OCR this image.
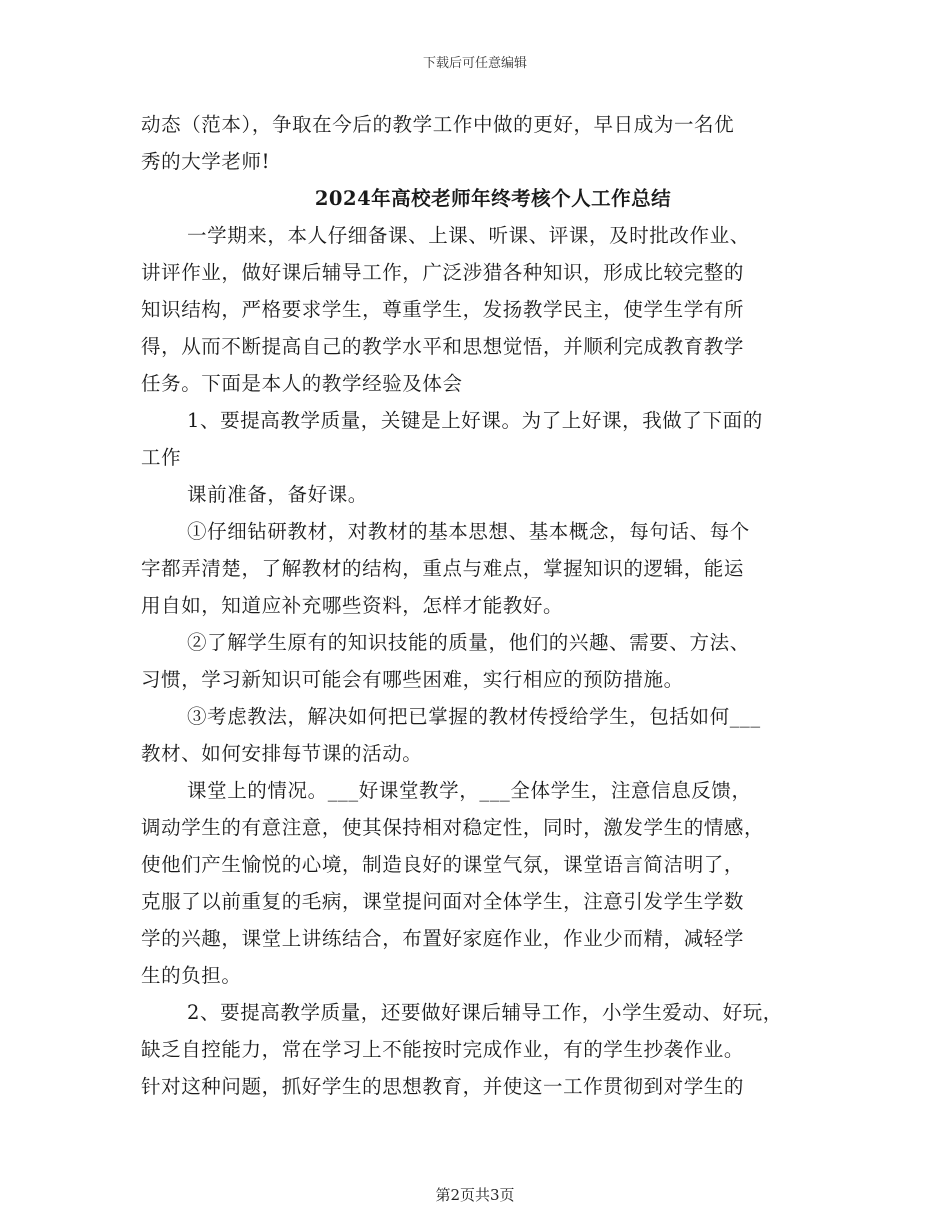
下载后可任意编辑
动态（范本），争取在今后的教学工作中做的更好，早日成为一名优
秀的大学老师!
2024年高校老师年终考核个人工作总结
一学期来，本人仔细备课、上课、听课、评课，及时批改作业、
讲评作业，做好课后辅导工作，广泛涉猎各种知识，形成比较完整的
知识结构，严格要求学生，尊重学生，发扬教学民主，使学生学有所
得，从而不断提高自己的教学水平和思想觉悟，并顺利完成教育教学
任务。下面是本人的教学经验及体会
1、要提高教学质量，关键是上好课。为了上好课，我做了下面的
工作
课前准备，备好课。
①仔细钻研教材，对教材的基本思想、基本概念，每句话、每个
字都弄清楚，了解教材的结构，重点与难点，掌握知识的逻辑，能运
用自如，知道应补充哪些资料，怎样才能教好。
②了解学生原有的知识技能的质量，他们的兴趣、需要、方法、
习惯，学习新知识可能会有哪些困难，实行相应的预防措施。
③考虑教法，解决如何把已掌握的教材传授给学生，包括如何___
教材、如何安排每节课的活动。
课堂上的情况。___好课堂教学，___全体学生，注意信息反馈，
调动学生的有意注意，使其保持相对稳定性，同时，激发学生的情感，
使他们产生愉悦的心境，制造良好的课堂气氛，课堂语言简洁明了，
克服了以前重复的毛病，课堂提问面对全体学生，注意引发学生学数
学的兴趣，课堂上讲练结合，布置好家庭作业，作业少而精，减轻学
生的负担。
2、要提高教学质量，还要做好课后辅导工作，小学生爱动、好玩，
缺乏自控能力，常在学习上不能按时完成作业，有的学生抄袭作业。
针对这种问题，抓好学生的思想教育，并使这一工作贯彻到对学生的
第2页共3页
